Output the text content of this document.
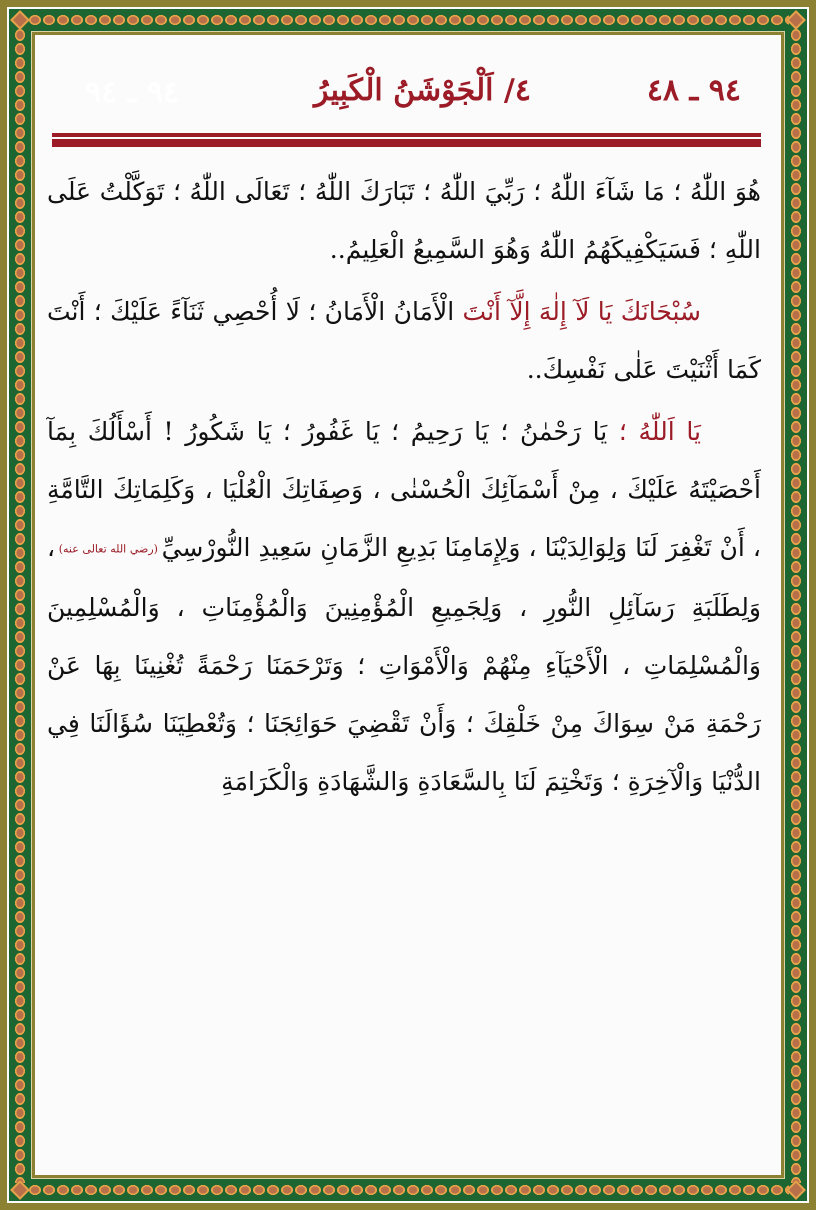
٩٤ ـ ٤٨
٤/ اَلْجَوْشَنُ الْكَبِيرُ
٩٤ ـ ٩٤

هُوَ اللّٰهُ ؛ مَا شَآءَ اللّٰهُ ؛ رَبِّيَ اللّٰهُ ؛ تَبَارَكَ اللّٰهُ ؛ تَعَالَى اللّٰهُ ؛ تَوَكَّلْتُ عَلَى اللّٰهِ ؛ فَسَيَكْفِيكَهُمُ اللّٰهُ وَهُوَ السَّمِيعُ الْعَلِيمُ..

سُبْحَانَكَ يَا لَآ إِلٰهَ إِلَّآ أَنْتَ الْأَمَانُ الْأَمَانُ ؛ لَا أُحْصِي ثَنَآءً عَلَيْكَ ؛ أَنْتَ كَمَا أَثْنَيْتَ عَلٰى نَفْسِكَ..

يَا اَللّٰهُ ؛ يَا رَحْمٰنُ ؛ يَا رَحِيمُ ؛ يَا غَفُورُ ؛ يَا شَكُورُ ! أَسْأَلُكَ بِمَآ أَحْصَيْتَهُ عَلَيْكَ ، مِنْ أَسْمَآئِكَ الْحُسْنٰى ، وَصِفَاتِكَ الْعُلْيَا ، وَكَلِمَاتِكَ التَّامَّةِ ، أَنْ تَغْفِرَ لَنَا وَلِوَالِدَيْنَا ، وَلِإِمَامِنَا بَدِيعِ الزَّمَانِ سَعِيدِ النُّورْسِيِّ (رضي الله تعالى عنه) ، وَلِطَلَبَةِ رَسَآئِلِ النُّورِ ، وَلِجَمِيعِ الْمُؤْمِنِينَ وَالْمُؤْمِنَاتِ ، وَالْمُسْلِمِينَ وَالْمُسْلِمَاتِ ، الْأَحْيَآءِ مِنْهُمْ وَالْأَمْوَاتِ ؛ وَتَرْحَمَنَا رَحْمَةً تُغْنِينَا بِهَا عَنْ رَحْمَةِ مَنْ سِوَاكَ مِنْ خَلْقِكَ ؛ وَأَنْ تَقْضِيَ حَوَائِجَنَا ؛ وَتُعْطِيَنَا سُؤَالَنَا فِي الدُّنْيَا وَالْآخِرَةِ ؛ وَتَخْتِمَ لَنَا بِالسَّعَادَةِ وَالشَّهَادَةِ وَالْكَرَامَةِ
